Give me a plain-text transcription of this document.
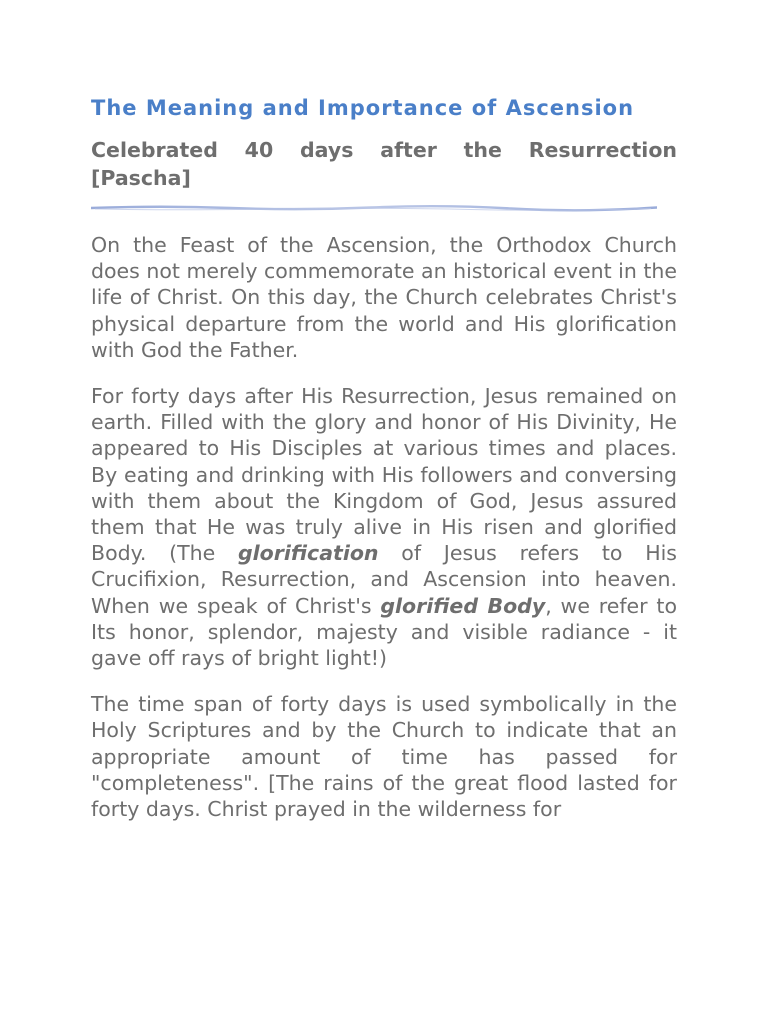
The Meaning and Importance of Ascension
Celebrated 40 days after the Resurrection [Pascha]

On the Feast of the Ascension, the Orthodox Church does not merely commemorate an historical event in the life of Christ. On this day, the Church celebrates Christ's physical departure from the world and His glorification with God the Father.

For forty days after His Resurrection, Jesus remained on earth. Filled with the glory and honor of His Divinity, He appeared to His Disciples at various times and places. By eating and drinking with His followers and conversing with them about the Kingdom of God, Jesus assured them that He was truly alive in His risen and glorified Body. (The glorification of Jesus refers to His Crucifixion, Resurrection, and Ascension into heaven. When we speak of Christ's glorified Body, we refer to Its honor, splendor, majesty and visible radiance - it gave off rays of bright light!)

The time span of forty days is used symbolically in the Holy Scriptures and by the Church to indicate that an appropriate amount of time has passed for "completeness". [The rains of the great flood lasted for forty days. Christ prayed in the wilderness for
